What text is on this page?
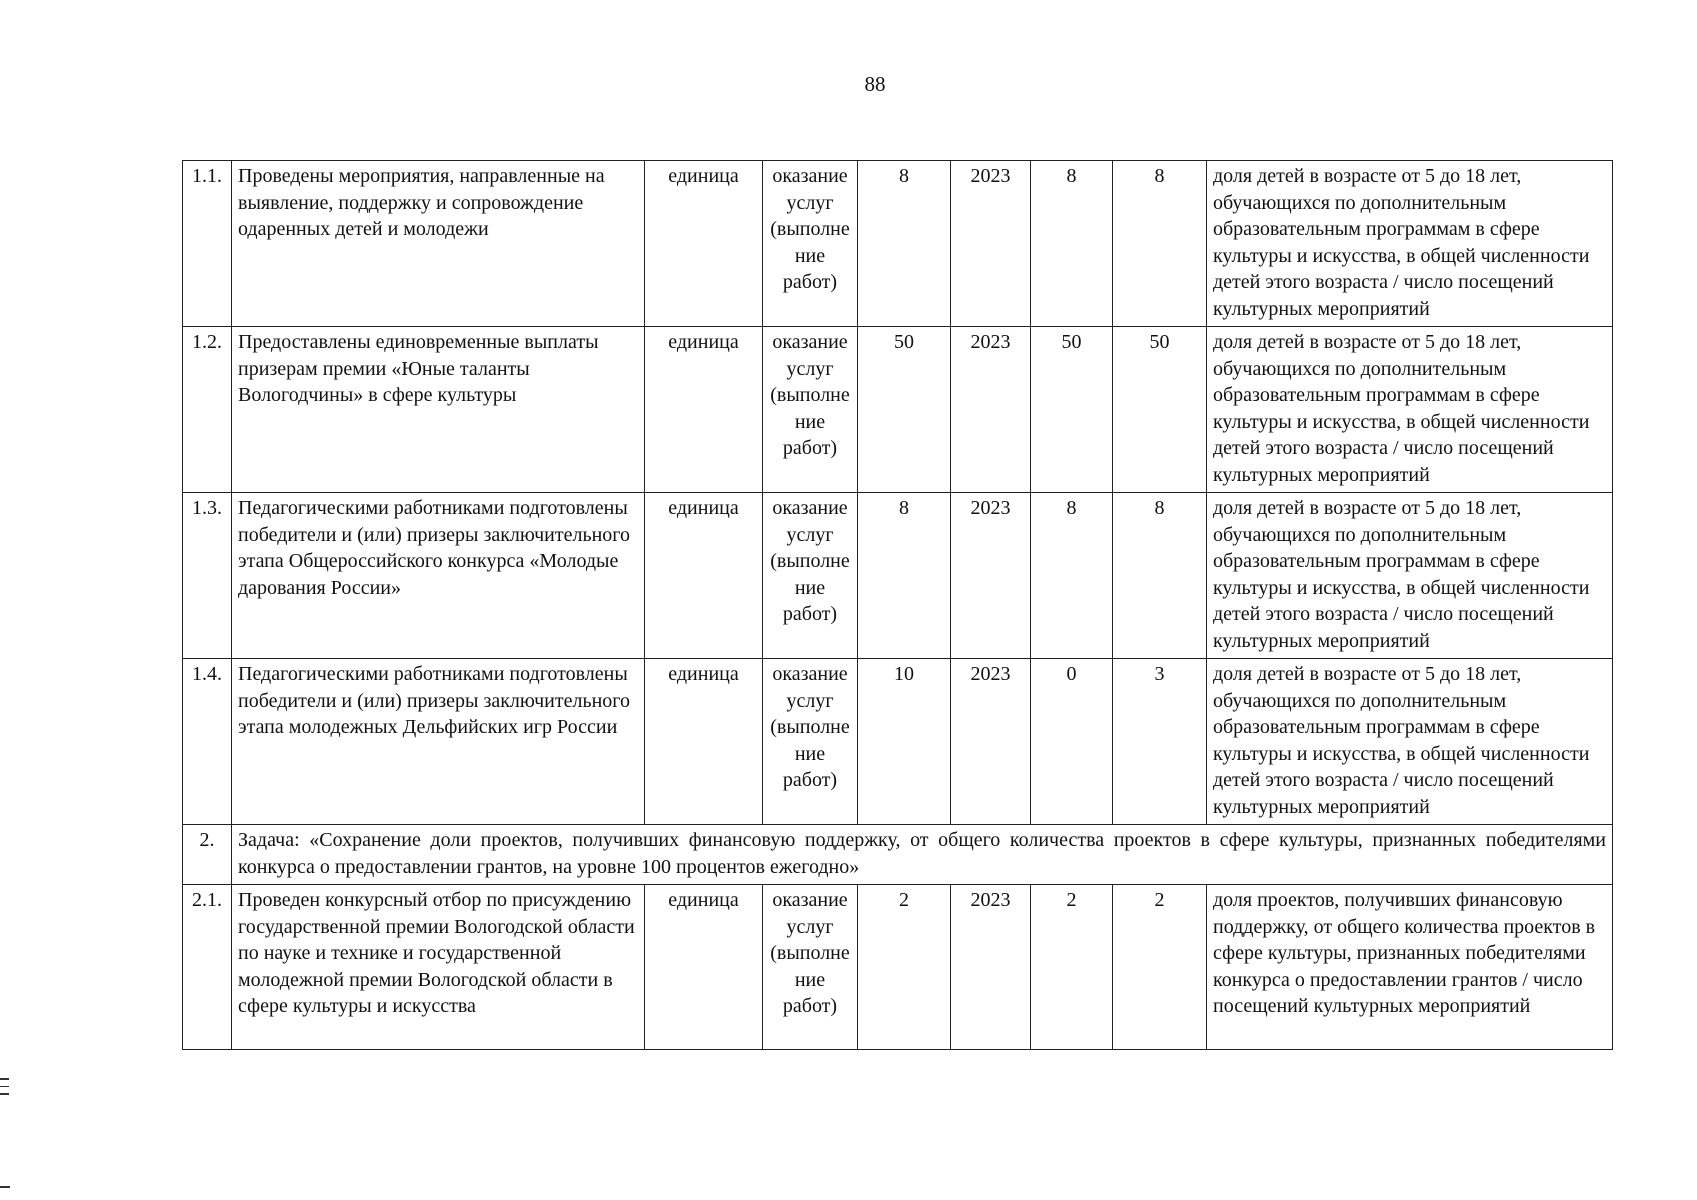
88
1.1.	Проведены мероприятия, направленные на выявление, поддержку и сопровождение одаренных детей и молодежи	единица	оказание услуг (выполнение работ)	8	2023	8	8	доля детей в возрасте от 5 до 18 лет, обучающихся по дополнительным образовательным программам в сфере культуры и искусства, в общей численности детей этого возраста / число посещений культурных мероприятий
1.2.	Предоставлены единовременные выплаты призерам премии «Юные таланты Вологодчины» в сфере культуры	единица	оказание услуг (выполнение работ)	50	2023	50	50	доля детей в возрасте от 5 до 18 лет, обучающихся по дополнительным образовательным программам в сфере культуры и искусства, в общей численности детей этого возраста / число посещений культурных мероприятий
1.3.	Педагогическими работниками подготовлены победители и (или) призеры заключительного этапа Общероссийского конкурса «Молодые дарования России»	единица	оказание услуг (выполнение работ)	8	2023	8	8	доля детей в возрасте от 5 до 18 лет, обучающихся по дополнительным образовательным программам в сфере культуры и искусства, в общей численности детей этого возраста / число посещений культурных мероприятий
1.4.	Педагогическими работниками подготовлены победители и (или) призеры заключительного этапа молодежных Дельфийских игр России	единица	оказание услуг (выполнение работ)	10	2023	0	3	доля детей в возрасте от 5 до 18 лет, обучающихся по дополнительным образовательным программам в сфере культуры и искусства, в общей численности детей этого возраста / число посещений культурных мероприятий
2.	Задача: «Сохранение доли проектов, получивших финансовую поддержку, от общего количества проектов в сфере культуры, признанных победителями конкурса о предоставлении грантов, на уровне 100 процентов ежегодно»							
2.1.	Проведен конкурсный отбор по присуждению государственной премии Вологодской области по науке и технике и государственной молодежной премии Вологодской области в сфере культуры и искусства	единица	оказание услуг (выполнение работ)	2	2023	2	2	доля проектов, получивших финансовую поддержку, от общего количества проектов в сфере культуры, признанных победителями конкурса о предоставлении грантов / число посещений культурных мероприятий
